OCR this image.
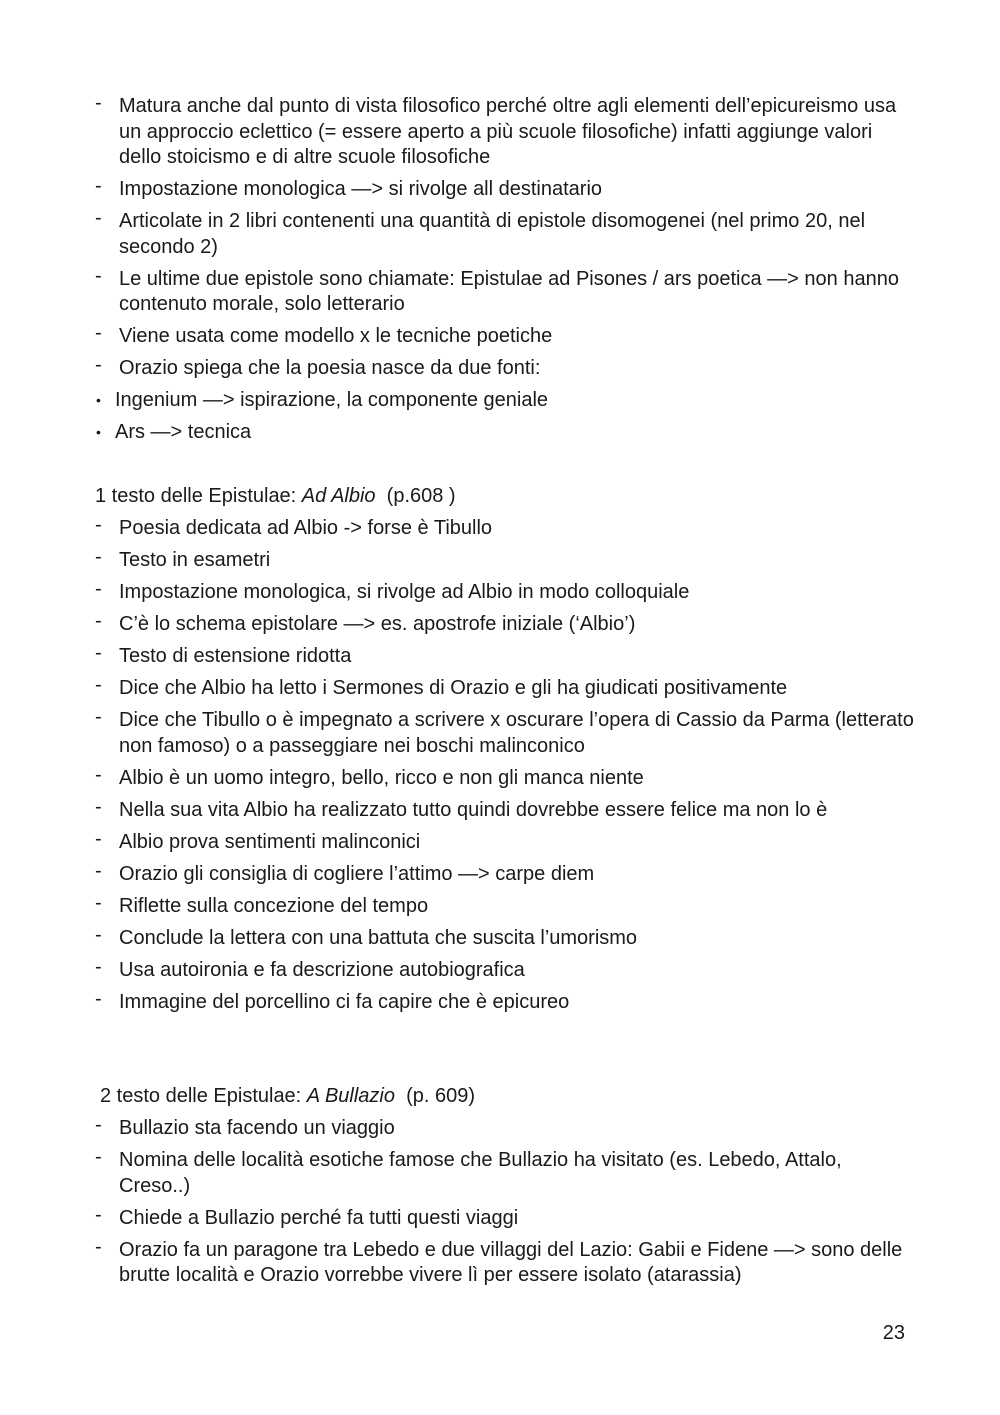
- Matura anche dal punto di vista filosofico perché oltre agli elementi dell’epicureismo usa un approccio eclettico (= essere aperto a più scuole filosofiche) infatti aggiunge valori dello stoicismo e di altre scuole filosofiche
- Impostazione monologica —> si rivolge all destinatario
- Articolate in 2 libri contenenti una quantità di epistole disomogenei (nel primo 20, nel secondo 2)
- Le ultime due epistole sono chiamate: Epistulae ad Pisones / ars poetica —> non hanno contenuto morale, solo letterario
- Viene usata come modello x le tecniche poetiche
- Orazio spiega che la poesia nasce da due fonti:
• Ingenium —> ispirazione, la componente geniale
• Ars —> tecnica

1 testo delle Epistulae: Ad Albio  (p.608 )

- Poesia dedicata ad Albio -> forse è Tibullo
- Testo in esametri
- Impostazione monologica, si rivolge ad Albio in modo colloquiale
- C’è lo schema epistolare —> es. apostrofe iniziale (‘Albio’)
- Testo di estensione ridotta
- Dice che Albio ha letto i Sermones di Orazio e gli ha giudicati positivamente
- Dice che Tibullo o è impegnato a scrivere x oscurare l’opera di Cassio da Parma (letterato non famoso) o a passeggiare nei boschi malinconico
- Albio è un uomo integro, bello, ricco e non gli manca niente
- Nella sua vita Albio ha realizzato tutto quindi dovrebbe essere felice ma non lo è
- Albio prova sentimenti malinconici
- Orazio gli consiglia di cogliere l’attimo —> carpe diem
- Riflette sulla concezione del tempo
- Conclude la lettera con una battuta che suscita l’umorismo
- Usa autoironia e fa descrizione autobiografica
- Immagine del porcellino ci fa capire che è epicureo

2 testo delle Epistulae: A Bullazio  (p. 609)

- Bullazio sta facendo un viaggio
- Nomina delle località esotiche famose che Bullazio ha visitato (es. Lebedo, Attalo, Creso..)
- Chiede a Bullazio perché fa tutti questi viaggi
- Orazio fa un paragone tra Lebedo e due villaggi del Lazio: Gabii e Fidene —> sono delle brutte località e Orazio vorrebbe vivere lì per essere isolato (atarassia)
23
